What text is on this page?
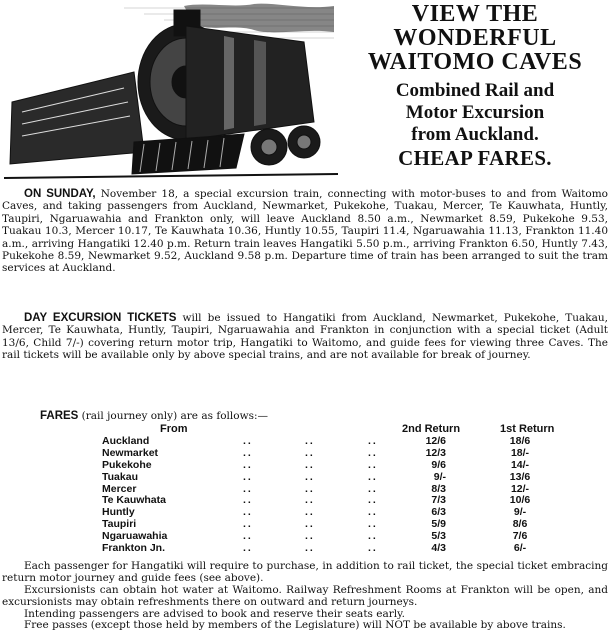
VIEW THE

WONDERFUL

WAITOMO CAVES

Combined Rail and

Motor Excursion

from Auckland.

CHEAP FARES.

ON SUNDAY, November 18, a special excursion train, connecting with motor-buses to and from Waitomo Caves, and taking passengers from Auckland, Newmarket, Pukekohe, Tuakau, Mercer, Te Kauwhata, Huntly, Taupiri, Ngaruawahia and Frankton only, will leave Auckland 8.50 a.m., Newmarket 8.59, Pukekohe 9.53, Tuakau 10.3, Mercer 10.17, Te Kauwhata 10.36, Huntly 10.55, Taupiri 11.4, Ngaruawahia 11.13, Frankton 11.40 a.m., arriving Hangatiki 12.40 p.m. Return train leaves Hangatiki 5.50 p.m., arriving Frankton 6.50, Huntly 7.43, Pukekohe 8.59, Newmarket 9.52, Auckland 9.58 p.m. Departure time of train has been arranged to suit the tram services at Auckland.

DAY EXCURSION TICKETS will be issued to Hangatiki from Auckland, Newmarket, Pukekohe, Tuakau, Mercer, Te Kauwhata, Huntly, Taupiri, Ngaruawahia and Frankton in conjunction with a special ticket (Adult 13/6, Child 7/-) covering return motor trip, Hangatiki to Waitomo, and guide fees for viewing three Caves. The rail tickets will be available only by above special trains, and are not available for break of journey.

FARES (rail journey only) are as follows:—
From	2nd Return	1st Return
Auckland	..	..	..	12/6	18/6
Newmarket	..	..	..	12/3	18/-
Pukekohe	..	..	..	9/6	14/-
Tuakau	..	..	..	9/-	13/6
Mercer	..	..	..	8/3	12/-
Te Kauwhata	..	..	..	7/3	10/6
Huntly	..	..	..	6/3	9/-
Taupiri	..	..	..	5/9	8/6
Ngaruawahia	..	..	..	5/3	7/6
Frankton Jn.	..	..	..	4/3	6/-

Each passenger for Hangatiki will require to purchase, in addition to rail ticket, the special ticket embracing return motor journey and guide fees (see above).

Excursionists can obtain hot water at Waitomo. Railway Refreshment Rooms at Frankton will be open, and excursionists may obtain refreshments there on outward and return journeys.

Intending passengers are advised to book and reserve their seats early.

Free passes (except those held by members of the Legislature) will NOT be available by above trains.
